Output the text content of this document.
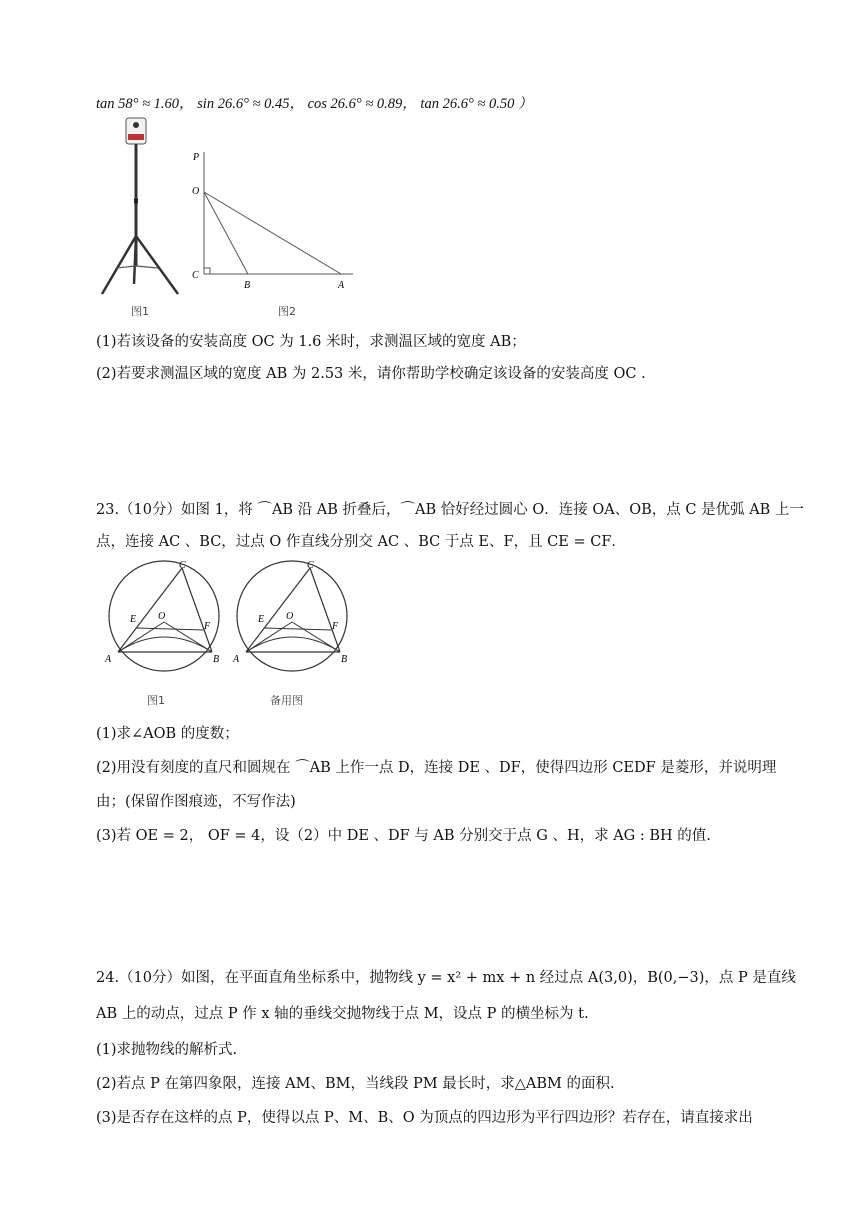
tan 58° ≈ 1.60， sin 26.6° ≈ 0.45， cos 26.6° ≈ 0.89， tan 26.6° ≈ 0.50 ）
图1
P
O
C
B	A
图2
(1)若该设备的安装高度 OC 为 1.6 米时，求测温区域的宽度 AB；
(2)若要求测温区域的宽度 AB 为 2.53 米，请你帮助学校确定该设备的安装高度 OC .
23.（10分）如图 1，将 ⌒AB 沿 AB 折叠后，⌒AB 恰好经过圆心 O．连接 OA、OB，点 C 是优弧 AB 上一
点，连接 AC 、BC，过点 O 作直线分别交 AC 、BC 于点 E、F，且 CE = CF．
C
E O
F
A	B
图1
C
E O
F
A	B
备用图
(1)求∠AOB 的度数；
(2)用没有刻度的直尺和圆规在 ⌒AB 上作一点 D，连接 DE 、DF，使得四边形 CEDF 是菱形，并说明理
由；(保留作图痕迹，不写作法)
(3)若 OE = 2， OF = 4，设（2）中 DE 、DF 与 AB 分别交于点 G 、H，求 AG : BH 的值.
24.（10分）如图，在平面直角坐标系中，抛物线 y = x² + mx + n 经过点 A(3,0)，B(0,−3)，点 P 是直线
AB 上的动点，过点 P 作 x 轴的垂线交抛物线于点 M，设点 P 的横坐标为 t.
(1)求抛物线的解析式.
(2)若点 P 在第四象限，连接 AM、BM，当线段 PM 最长时，求△ABM 的面积.
(3)是否存在这样的点 P，使得以点 P、M、B、O 为顶点的四边形为平行四边形？若存在，请直接求出
